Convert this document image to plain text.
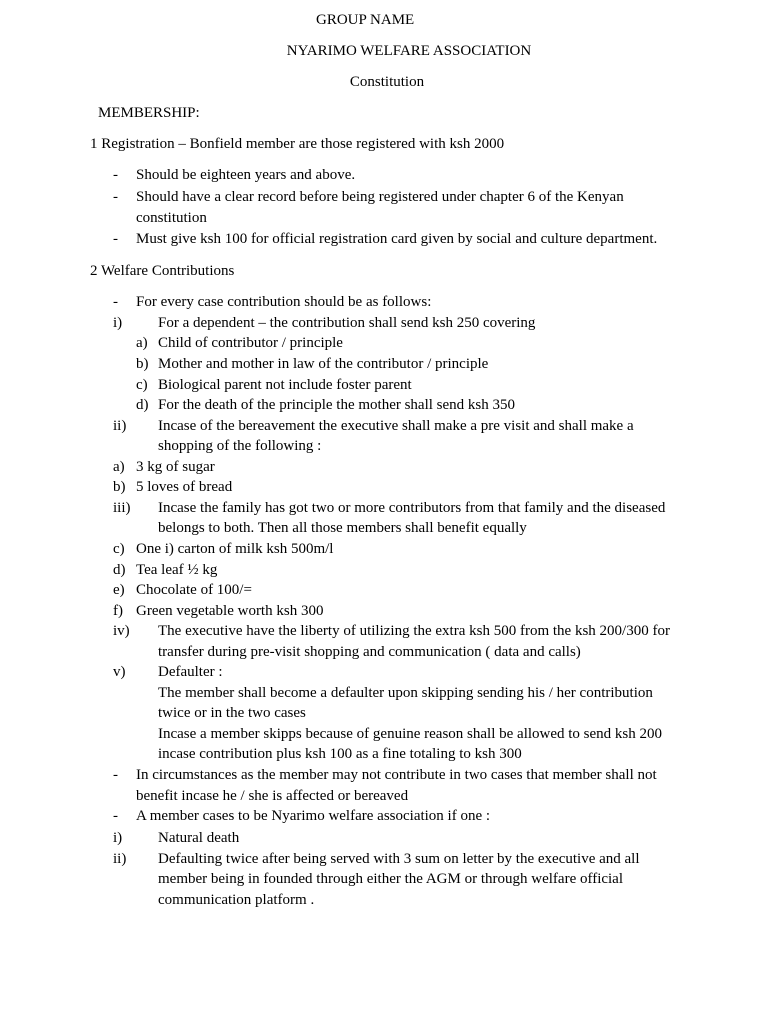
GROUP NAME
NYARIMO WELFARE ASSOCIATION
Constitution
MEMBERSHIP:
1 Registration – Bonfield member are those registered with ksh 2000
- Should be eighteen years and above.
- Should have a clear record before being registered under chapter 6 of the Kenyan
constitution
- Must give ksh 100 for official registration card given by social and culture department.
2 Welfare Contributions
- For every case contribution should be as follows:
i) For a dependent – the contribution shall send ksh 250 covering
a) Child of contributor / principle
b) Mother and mother in law of the contributor / principle
c) Biological parent not include foster parent
d) For the death of the principle the mother shall send ksh 350
ii) Incase of the bereavement the executive shall make a pre visit and shall make a
shopping of the following :
a) 3 kg of sugar
b) 5 loves of bread
iii) Incase the family has got two or more contributors from that family and the diseased
belongs to both. Then all those members shall benefit equally
c) One i) carton of milk ksh 500m/l
d) Tea leaf ½ kg
e) Chocolate of 100/=
f) Green vegetable worth ksh 300
iv) The executive have the liberty of utilizing the extra ksh 500 from the ksh 200/300 for
transfer during pre-visit shopping and communication ( data and calls)
v) Defaulter :
The member shall become a defaulter upon skipping sending his / her contribution
twice or in the two cases
Incase a member skipps because of genuine reason shall be allowed to send ksh 200
incase contribution plus ksh 100 as a fine totaling to ksh 300
- In circumstances as the member may not contribute in two cases that member shall not
benefit incase he / she is affected or bereaved
- A member cases to be Nyarimo welfare association if one :
i) Natural death
ii) Defaulting twice after being served with 3 sum on letter by the executive and all
member being in founded through either the AGM or through welfare official
communication platform .
